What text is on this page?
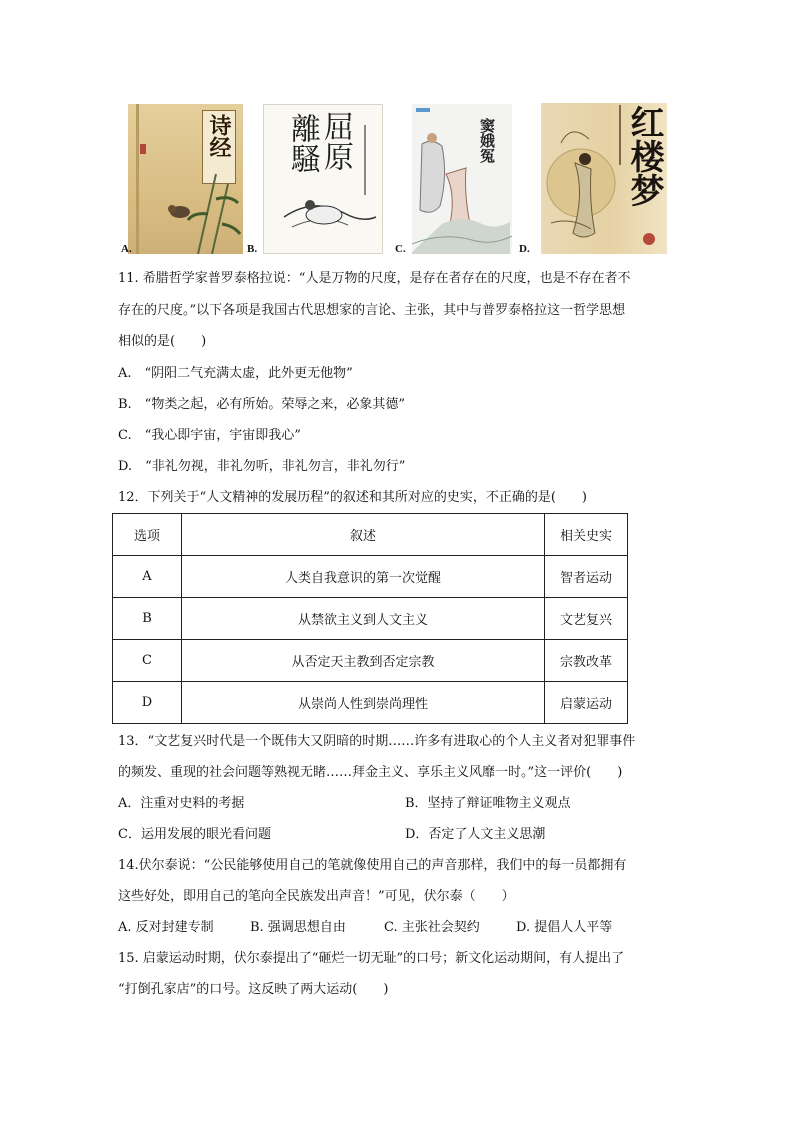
诗经
A.
屈原
離騷
B.
窦娥冤
C.
红楼梦
D.
11. 希腊哲学家普罗泰格拉说：“人是万物的尺度，是存在者存在的尺度，也是不存在者不
存在的尺度。”以下各项是我国古代思想家的言论、主张，其中与普罗泰格拉这一哲学思想
相似的是(　　)
A.　“阴阳二气充满太虚，此外更无他物”
B.　“物类之起，必有所始。荣辱之来，必象其德”
C.　“我心即宇宙，宇宙即我心”
D.　“非礼勿视，非礼勿听，非礼勿言，非礼勿行”
12．下列关于“人文精神的发展历程”的叙述和其所对应的史实，不正确的是(　　)
选项	叙述	相关史实
A	人类自我意识的第一次觉醒	智者运动
B	从禁欲主义到人文主义	文艺复兴
C	从否定天主教到否定宗教	宗教改革
D	从崇尚人性到崇尚理性	启蒙运动
13．“文艺复兴时代是一个既伟大又阴暗的时期……许多有进取心的个人主义者对犯罪事件
的频发、重现的社会问题等熟视无睹……拜金主义、享乐主义风靡一时。”这一评价(　　)
A．注重对史料的考据	B．坚持了辩证唯物主义观点
C．运用发展的眼光看问题	D．否定了人文主义思潮
14.伏尔泰说：“公民能够使用自己的笔就像使用自己的声音那样，我们中的每一员都拥有
这些好处，即用自己的笔向全民族发出声音！”可见，伏尔泰（　　）
A. 反对封建专制	B. 强调思想自由	C. 主张社会契约	D. 提倡人人平等
15. 启蒙运动时期，伏尔泰提出了“砸烂一切无耻”的口号；新文化运动期间，有人提出了
“打倒孔家店”的口号。这反映了两大运动(　　)
